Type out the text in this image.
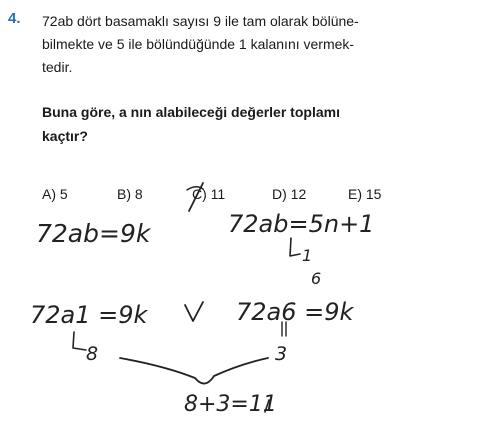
4. 72ab dört basamaklı sayısı 9 ile tam olarak bölüne-
bilmekte ve 5 ile bölündüğünde 1 kalanını vermek-
tedir.
Buna göre, a nın alabileceği değerler toplamı
kaçtır?
A) 5	B) 8	C) 11	D) 12	E) 15
72ab=9k	72ab=5n+1
1
6
72a1 =9k	72a6 =9k
8	3
8+3=11
